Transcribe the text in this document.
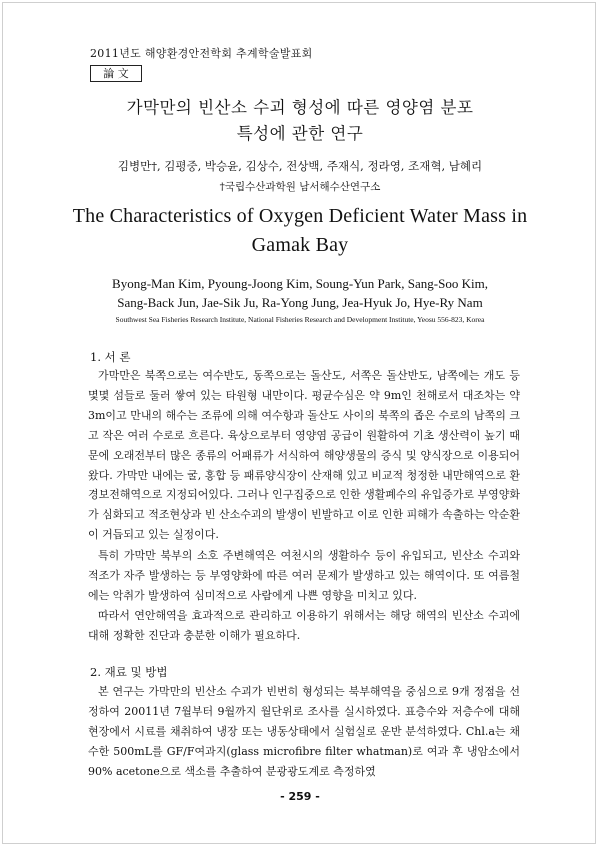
2011년도 해양환경안전학회 추계학술발표회
論 文
가막만의 빈산소 수괴 형성에 따른 영양염 분포
특성에 관한 연구
김병만†, 김평중, 박승윤, 김상수, 전상백, 주재식, 정라영, 조재혁, 남혜리
†국립수산과학원 남서해수산연구소
The Characteristics of Oxygen Deficient Water Mass in
Gamak Bay
Byong-Man Kim, Pyoung-Joong Kim, Soung-Yun Park, Sang-Soo Kim,
Sang-Back Jun, Jae-Sik Ju, Ra-Yong Jung, Jea-Hyuk Jo, Hye-Ry Nam
Southwest Sea Fisheries Research Institute, National Fisheries Research and Development Institute, Yeosu 556-823, Korea
1. 서 론

가막만은 북쪽으로는 여수반도, 동쪽으로는 돌산도, 서쪽은 돌산반도, 남쪽에는 개도 등 몇몇 섬들로 둘러 쌓여 있는 타원형 내만이다. 평균수심은 약 9m인 천해로서 대조차는 약 3m이고 만내의 해수는 조류에 의해 여수항과 돌산도 사이의 북쪽의 좁은 수로의 남쪽의 크고 작은 여러 수로로 흐른다. 육상으로부터 영양염 공급이 원활하여 기초 생산력이 높기 때문에 오래전부터 많은 종류의 어패류가 서식하여 해양생물의 증식 및 양식장으로 이용되어 왔다. 가막만 내에는 굴, 홍합 등 패류양식장이 산재해 있고 비교적 청정한 내만해역으로 환경보전해역으로 지정되어있다. 그러나 인구집중으로 인한 생활폐수의 유입증가로 부영양화가 심화되고 적조현상과 빈 산소수괴의 발생이 빈발하고 이로 인한 피해가 속출하는 악순환이 거듭되고 있는 실정이다.

특히 가막만 북부의 소호 주변해역은 여천시의 생활하수 등이 유입되고, 빈산소 수괴와 적조가 자주 발생하는 등 부영양화에 따른 여러 문제가 발생하고 있는 해역이다. 또 여름철에는 악취가 발생하여 심미적으로 사람에게 나쁜 영향을 미치고 있다.

따라서 연안해역을 효과적으로 관리하고 이용하기 위해서는 해당 해역의 빈산소 수괴에 대해 정확한 진단과 충분한 이해가 필요하다.

2. 재료 및 방법

본 연구는 가막만의 빈산소 수괴가 빈번히 형성되는 북부해역을 중심으로 9개 정점을 선정하여 20011년 7월부터 9월까지 월단위로 조사를 실시하였다. 표층수와 저층수에 대해 현장에서 시료를 채취하여 냉장 또는 냉동상태에서 실험실로 운반 분석하였다. Chl.a는 채수한 500mL를 GF/F여과지(glass microfibre filter whatman)로 여과 후 냉암소에서 90% acetone으로 색소를 추출하여 분광광도계로 측정하였

- 259 -
